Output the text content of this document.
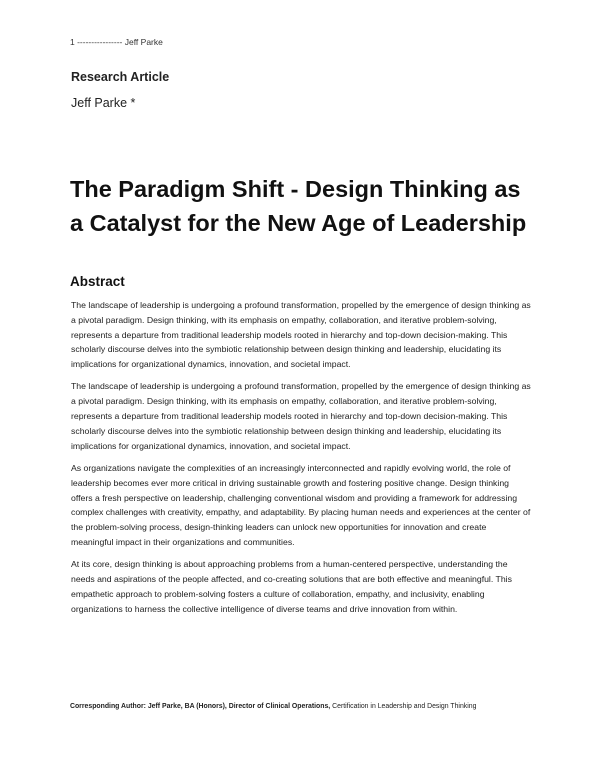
1 ---------------- Jeff Parke
Research Article
Jeff Parke *
The Paradigm Shift - Design Thinking as a Catalyst for the New Age of Leadership
Abstract

The landscape of leadership is undergoing a profound transformation, propelled by the emergence of design thinking as a pivotal paradigm. Design thinking, with its emphasis on empathy, collaboration, and iterative problem-solving, represents a departure from traditional leadership models rooted in hierarchy and top-down decision-making. This scholarly discourse delves into the symbiotic relationship between design thinking and leadership, elucidating its implications for organizational dynamics, innovation, and societal impact.

The landscape of leadership is undergoing a profound transformation, propelled by the emergence of design thinking as a pivotal paradigm. Design thinking, with its emphasis on empathy, collaboration, and iterative problem-solving, represents a departure from traditional leadership models rooted in hierarchy and top-down decision-making. This scholarly discourse delves into the symbiotic relationship between design thinking and leadership, elucidating its implications for organizational dynamics, innovation, and societal impact.

As organizations navigate the complexities of an increasingly interconnected and rapidly evolving world, the role of leadership becomes ever more critical in driving sustainable growth and fostering positive change. Design thinking offers a fresh perspective on leadership, challenging conventional wisdom and providing a framework for addressing complex challenges with creativity, empathy, and adaptability. By placing human needs and experiences at the center of the problem-solving process, design-thinking leaders can unlock new opportunities for innovation and create meaningful impact in their organizations and communities.

At its core, design thinking is about approaching problems from a human-centered perspective, understanding the needs and aspirations of the people affected, and co-creating solutions that are both effective and meaningful. This empathetic approach to problem-solving fosters a culture of collaboration, empathy, and inclusivity, enabling organizations to harness the collective intelligence of diverse teams and drive innovation from within.

Corresponding Author: Jeff Parke, BA (Honors), Director of Clinical Operations, Certification in Leadership and Design Thinking
